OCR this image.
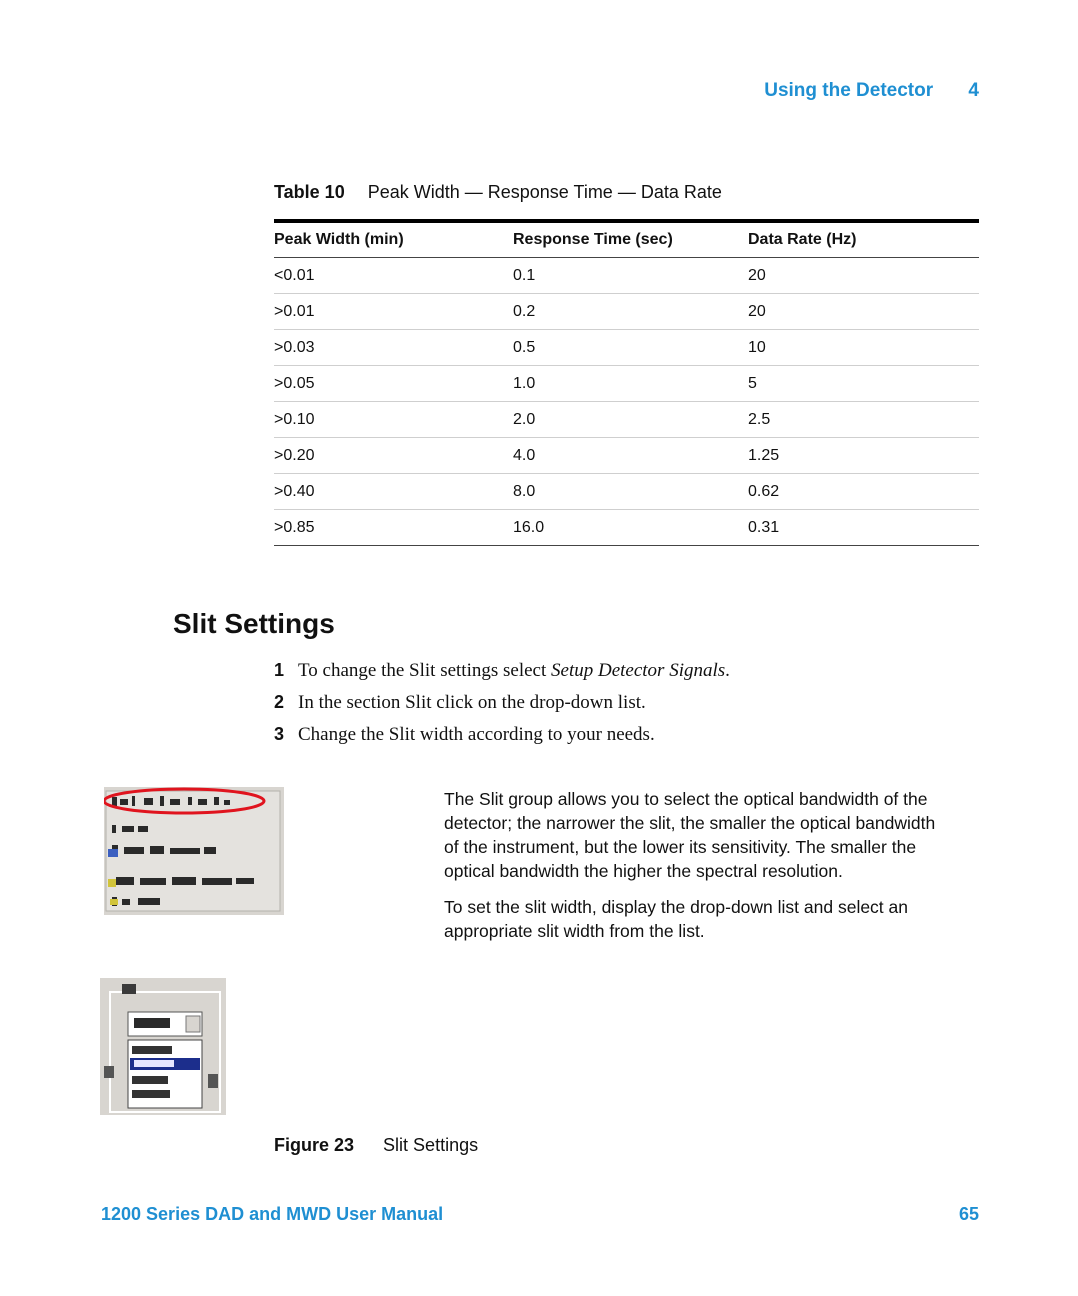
Using the Detector 4
Table 10 Peak Width — Response Time — Data Rate
Peak Width (min)	Response Time (sec)	Data Rate (Hz)
<0.01	0.1	20
>0.01	0.2	20
>0.03	0.5	10
>0.05	1.0	5
>0.10	2.0	2.5
>0.20	4.0	1.25
>0.40	8.0	0.62
>0.85	16.0	0.31
Slit Settings
1 To change the Slit settings select Setup Detector Signals.
2 In the section Slit click on the drop-down list.
3 Change the Slit width according to your needs.

The Slit group allows you to select the optical bandwidth of the detector; the narrower the slit, the smaller the optical bandwidth of the instrument, but the lower its sensitivity. The smaller the optical bandwidth the higher the spectral resolution.

To set the slit width, display the drop-down list and select an appropriate slit width from the list.

Figure 23 Slit Settings
1200 Series DAD and MWD User Manual	65
